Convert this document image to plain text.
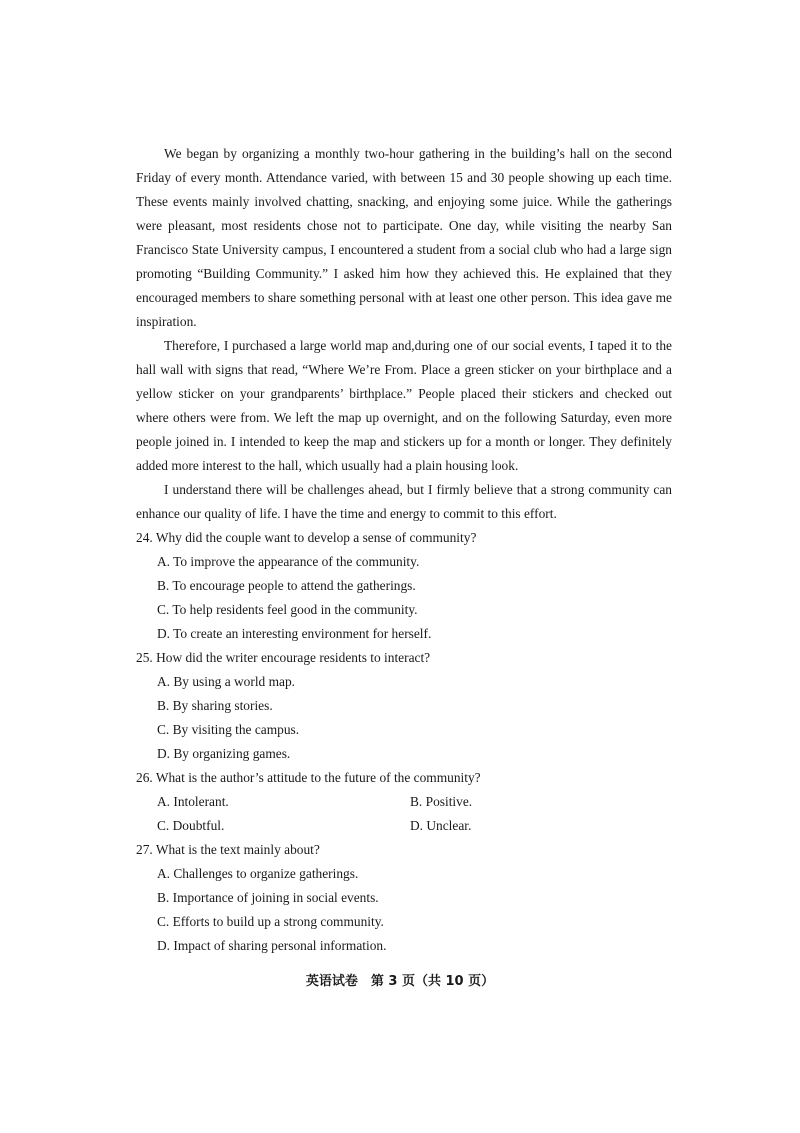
We began by organizing a monthly two-hour gathering in the building’s hall on the second Friday of every month. Attendance varied, with between 15 and 30 people showing up each time. These events mainly involved chatting, snacking, and enjoying some juice. While the gatherings were pleasant, most residents chose not to participate. One day, while visiting the nearby San Francisco State University campus, I encountered a student from a social club who had a large sign promoting “Building Community.” I asked him how they achieved this. He explained that they encouraged members to share something personal with at least one other person. This idea gave me inspiration.

Therefore, I purchased a large world map and,during one of our social events, I taped it to the hall wall with signs that read, “Where We’re From. Place a green sticker on your birthplace and a yellow sticker on your grandparents’ birthplace.” People placed their stickers and checked out where others were from. We left the map up overnight, and on the following Saturday, even more people joined in. I intended to keep the map and stickers up for a month or longer. They definitely added more interest to the hall, which usually had a plain housing look.

I understand there will be challenges ahead, but I firmly believe that a strong community can enhance our quality of life. I have the time and energy to commit to this effort.

24. Why did the couple want to develop a sense of community?

A. To improve the appearance of the community.

B. To encourage people to attend the gatherings.

C. To help residents feel good in the community.

D. To create an interesting environment for herself.

25. How did the writer encourage residents to interact?

A. By using a world map.

B. By sharing stories.

C. By visiting the campus.

D. By organizing games.

26. What is the author’s attitude to the future of the community?

A. Intolerant.	B. Positive.
C. Doubtful.	D. Unclear.

27. What is the text mainly about?

A. Challenges to organize gatherings.

B. Importance of joining in social events.

C. Efforts to build up a strong community.

D. Impact of sharing personal information.

英语试卷　第 3 页（共 10 页）
